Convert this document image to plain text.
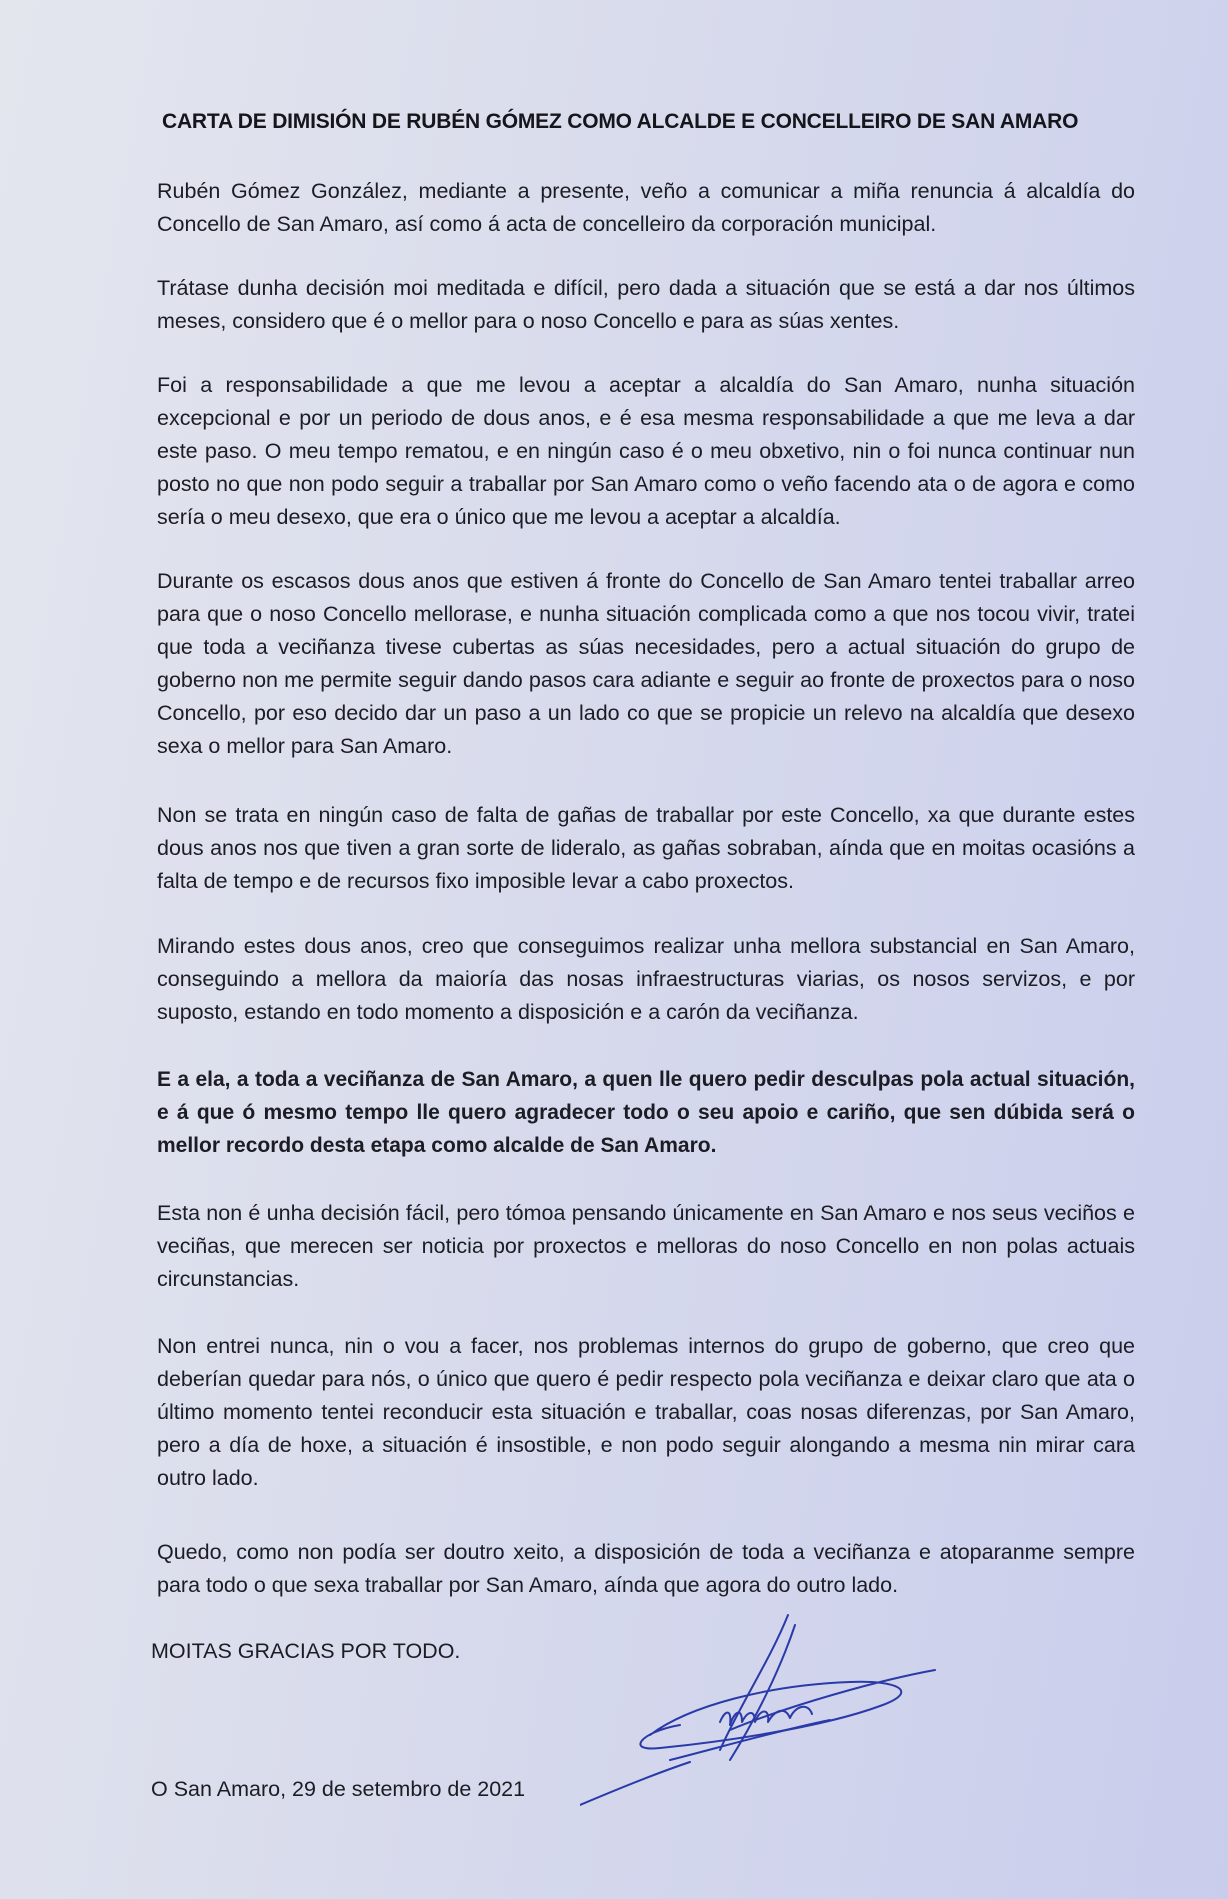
CARTA DE DIMISIÓN DE RUBÉN GÓMEZ COMO ALCALDE E CONCELLEIRO DE SAN AMARO
Rubén Gómez González, mediante a presente, veño a comunicar a miña renuncia á alcaldía do Concello de San Amaro, así como á acta de concelleiro da corporación municipal.
Trátase dunha decisión moi meditada e difícil, pero dada a situación que se está a dar nos últimos meses, considero que é o mellor para o noso Concello e para as súas xentes.
Foi a responsabilidade a que me levou a aceptar a alcaldía do San Amaro, nunha situación excepcional e por un periodo de dous anos, e é esa mesma responsabilidade a que me leva a dar este paso. O meu tempo rematou, e en ningún caso é o meu obxetivo, nin o foi nunca continuar nun posto no que non podo seguir a traballar por San Amaro como o veño facendo ata o de agora e como sería o meu desexo, que era o único que me levou a aceptar a alcaldía.
Durante os escasos dous anos que estiven á fronte do Concello de San Amaro tentei traballar arreo para que o noso Concello mellorase, e nunha situación complicada como a que nos tocou vivir, tratei que toda a veciñanza tivese cubertas as súas necesidades, pero a actual situación do grupo de goberno non me permite seguir dando pasos cara adiante e seguir ao fronte de proxectos para o noso Concello, por eso decido dar un paso a un lado co que se propicie un relevo na alcaldía que desexo sexa o mellor para San Amaro.
Non se trata en ningún caso de falta de gañas de traballar por este Concello, xa que durante estes dous anos nos que tiven a gran sorte de lideralo, as gañas sobraban, aínda que en moitas ocasións a falta de tempo e de recursos fixo imposible levar a cabo proxectos.
Mirando estes dous anos, creo que conseguimos realizar unha mellora substancial en San Amaro, conseguindo a mellora da maioría das nosas infraestructuras viarias, os nosos servizos, e por suposto, estando en todo momento a disposición e a carón da veciñanza.
E a ela, a toda a veciñanza de San Amaro, a quen lle quero pedir desculpas pola actual situación, e á que ó mesmo tempo lle quero agradecer todo o seu apoio e cariño, que sen dúbida será o mellor recordo desta etapa como alcalde de San Amaro.
Esta non é unha decisión fácil, pero tómoa pensando únicamente en San Amaro e nos seus veciños e veciñas, que merecen ser noticia por proxectos e melloras do noso Concello en non polas actuais circunstancias.
Non entrei nunca, nin o vou a facer, nos problemas internos do grupo de goberno, que creo que deberían quedar para nós, o único que quero é pedir respecto pola veciñanza e deixar claro que ata o último momento tentei reconducir esta situación e traballar, coas nosas diferenzas, por San Amaro, pero a día de hoxe, a situación é insostible, e non podo seguir alongando a mesma nin mirar cara outro lado.
Quedo, como non podía ser doutro xeito, a disposición de toda a veciñanza e atoparanme sempre para todo o que sexa traballar por San Amaro, aínda que agora do outro lado.
MOITAS GRACIAS POR TODO.
O San Amaro, 29 de setembro de 2021
